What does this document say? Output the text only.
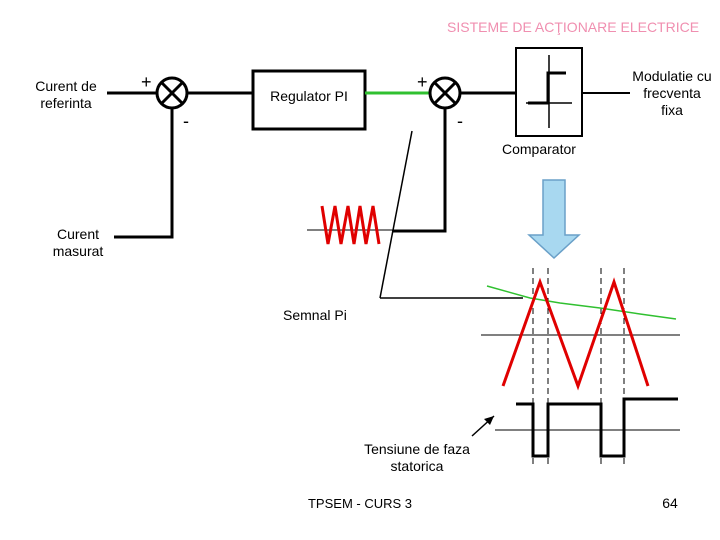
SISTEME DE ACŢIONARE ELECTRICE
+
-
+
-
Curent de referinta
Curent masurat
Regulator PI
Modulatie cu frecventa fixa
Comparator
Semnal Pi
Tensiune de faza statorica
TPSEM - CURS 3	64
